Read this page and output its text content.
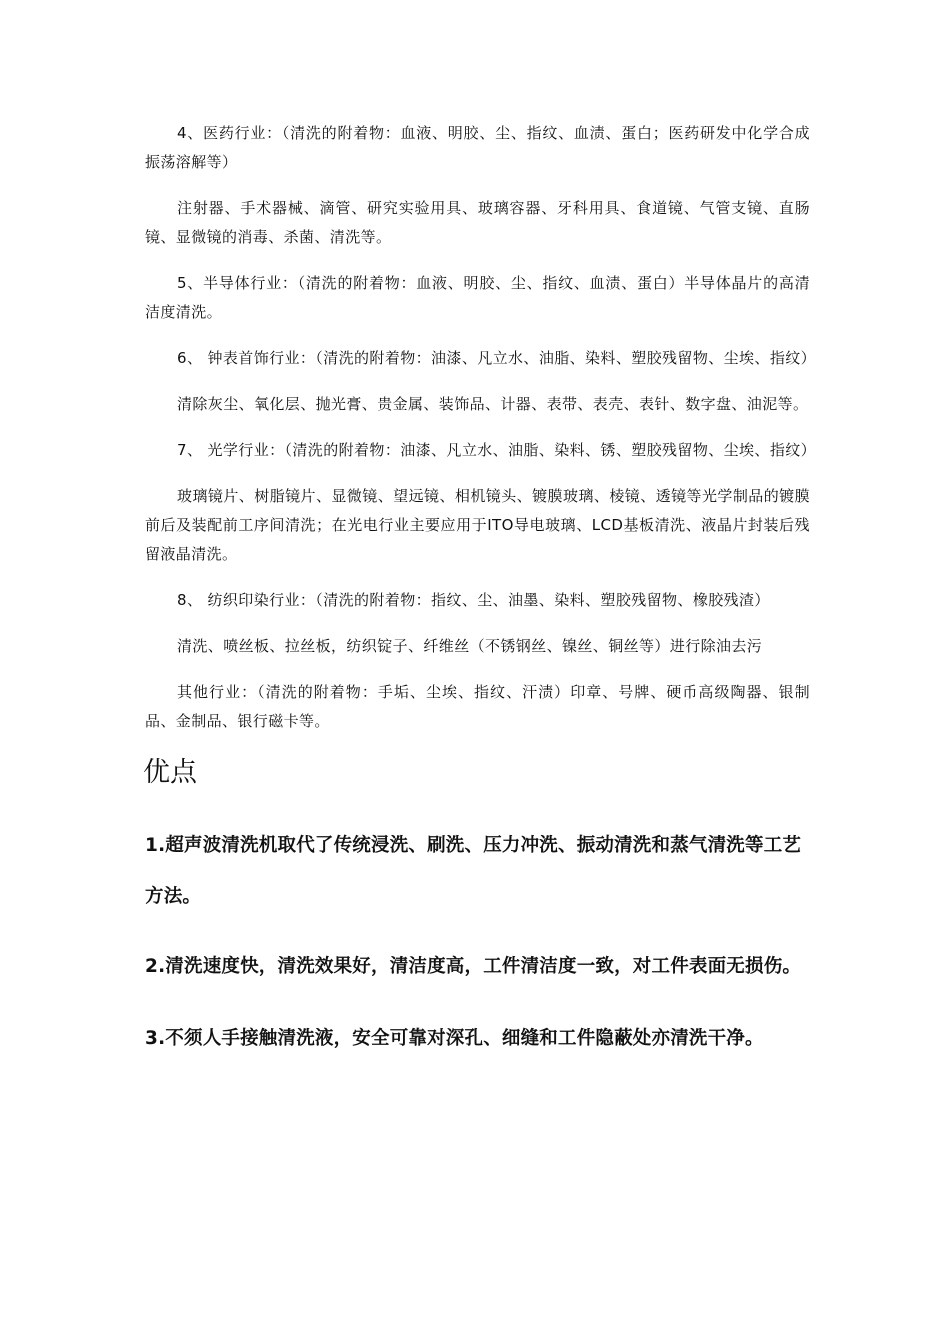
4、医药行业：（清洗的附着物：血液、明胶、尘、指纹、血渍、蛋白；医药研发中化学合成振荡溶解等）

注射器、手术器械、滴管、研究实验用具、玻璃容器、牙科用具、食道镜、气管支镜、直肠镜、显微镜的消毒、杀菌、清洗等。

5、半导体行业：（清洗的附着物：血液、明胶、尘、指纹、血渍、蛋白）半导体晶片的高清洁度清洗。

6、 钟表首饰行业：（清洗的附着物：油漆、凡立水、油脂、染料、塑胶残留物、尘埃、指纹）

清除灰尘、氧化层、抛光膏、贵金属、装饰品、计器、表带、表壳、表针、数字盘、油泥等。

7、 光学行业：（清洗的附着物：油漆、凡立水、油脂、染料、锈、塑胶残留物、尘埃、指纹）

玻璃镜片、树脂镜片、显微镜、望远镜、相机镜头、镀膜玻璃、棱镜、透镜等光学制品的镀膜前后及装配前工序间清洗；在光电行业主要应用于ITO导电玻璃、LCD基板清洗、液晶片封装后残留液晶清洗。

8、 纺织印染行业：（清洗的附着物：指纹、尘、油墨、染料、塑胶残留物、橡胶残渣）

清洗、喷丝板、拉丝板，纺织锭子、纤维丝（不锈钢丝、镍丝、铜丝等）进行除油去污

其他行业：（清洗的附着物：手垢、尘埃、指纹、汗渍）印章、号牌、硬币高级陶器、银制品、金制品、银行磁卡等。

优点

1.超声波清洗机取代了传统浸洗、刷洗、压力冲洗、振动清洗和蒸气清洗等工艺方法。

2.清洗速度快，清洗效果好，清洁度高，工件清洁度一致，对工件表面无损伤。

3.不须人手接触清洗液，安全可靠对深孔、细缝和工件隐蔽处亦清洗干净。
